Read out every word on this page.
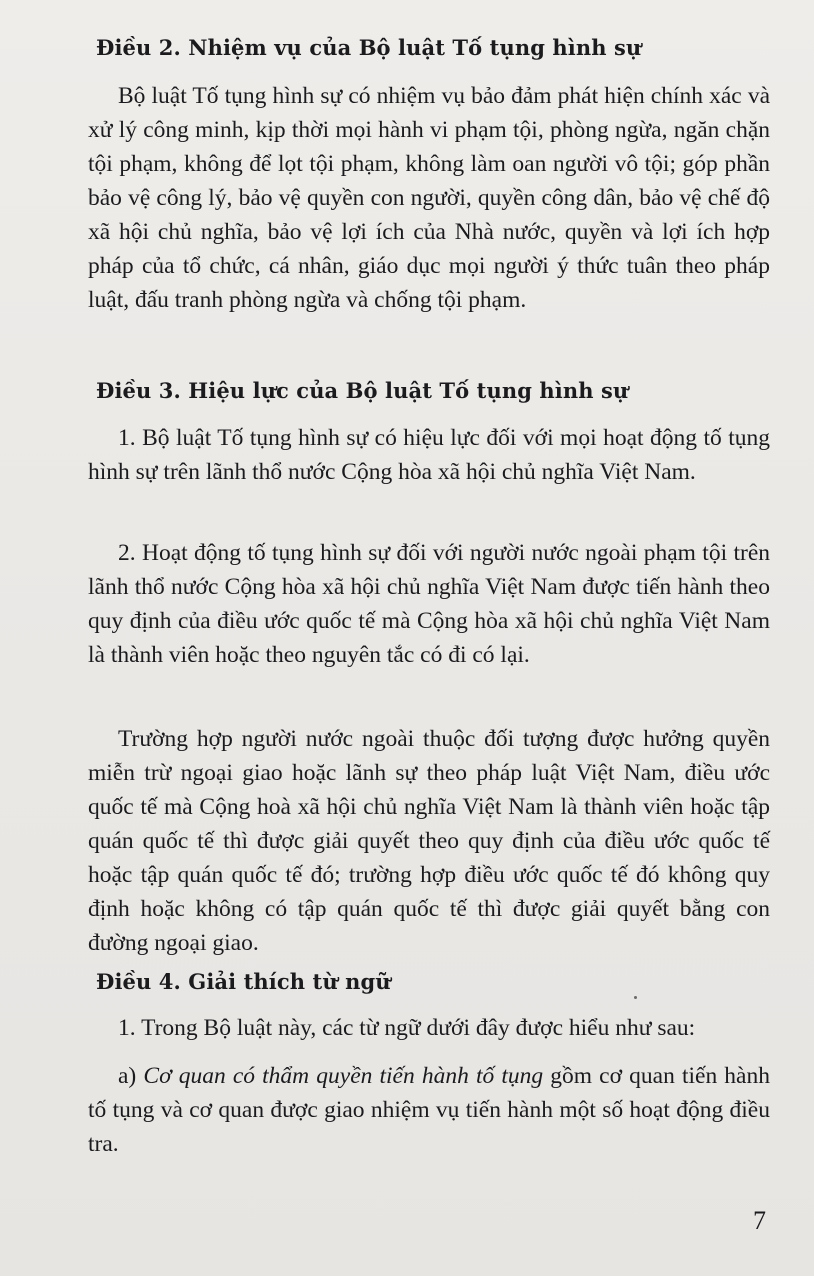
Điều 2. Nhiệm vụ của Bộ luật Tố tụng hình sự

Bộ luật Tố tụng hình sự có nhiệm vụ bảo đảm phát hiện chính xác và xử lý công minh, kịp thời mọi hành vi phạm tội, phòng ngừa, ngăn chặn tội phạm, không để lọt tội phạm, không làm oan người vô tội; góp phần bảo vệ công lý, bảo vệ quyền con người, quyền công dân, bảo vệ chế độ xã hội chủ nghĩa, bảo vệ lợi ích của Nhà nước, quyền và lợi ích hợp pháp của tổ chức, cá nhân, giáo dục mọi người ý thức tuân theo pháp luật, đấu tranh phòng ngừa và chống tội phạm.

Điều 3. Hiệu lực của Bộ luật Tố tụng hình sự

1. Bộ luật Tố tụng hình sự có hiệu lực đối với mọi hoạt động tố tụng hình sự trên lãnh thổ nước Cộng hòa xã hội chủ nghĩa Việt Nam.

2. Hoạt động tố tụng hình sự đối với người nước ngoài phạm tội trên lãnh thổ nước Cộng hòa xã hội chủ nghĩa Việt Nam được tiến hành theo quy định của điều ước quốc tế mà Cộng hòa xã hội chủ nghĩa Việt Nam là thành viên hoặc theo nguyên tắc có đi có lại.

Trường hợp người nước ngoài thuộc đối tượng được hưởng quyền miễn trừ ngoại giao hoặc lãnh sự theo pháp luật Việt Nam, điều ước quốc tế mà Cộng hoà xã hội chủ nghĩa Việt Nam là thành viên hoặc tập quán quốc tế thì được giải quyết theo quy định của điều ước quốc tế hoặc tập quán quốc tế đó; trường hợp điều ước quốc tế đó không quy định hoặc không có tập quán quốc tế thì được giải quyết bằng con đường ngoại giao.

Điều 4. Giải thích từ ngữ

1. Trong Bộ luật này, các từ ngữ dưới đây được hiểu như sau:

a) Cơ quan có thẩm quyền tiến hành tố tụng gồm cơ quan tiến hành tố tụng và cơ quan được giao nhiệm vụ tiến hành một số hoạt động điều tra.

7
